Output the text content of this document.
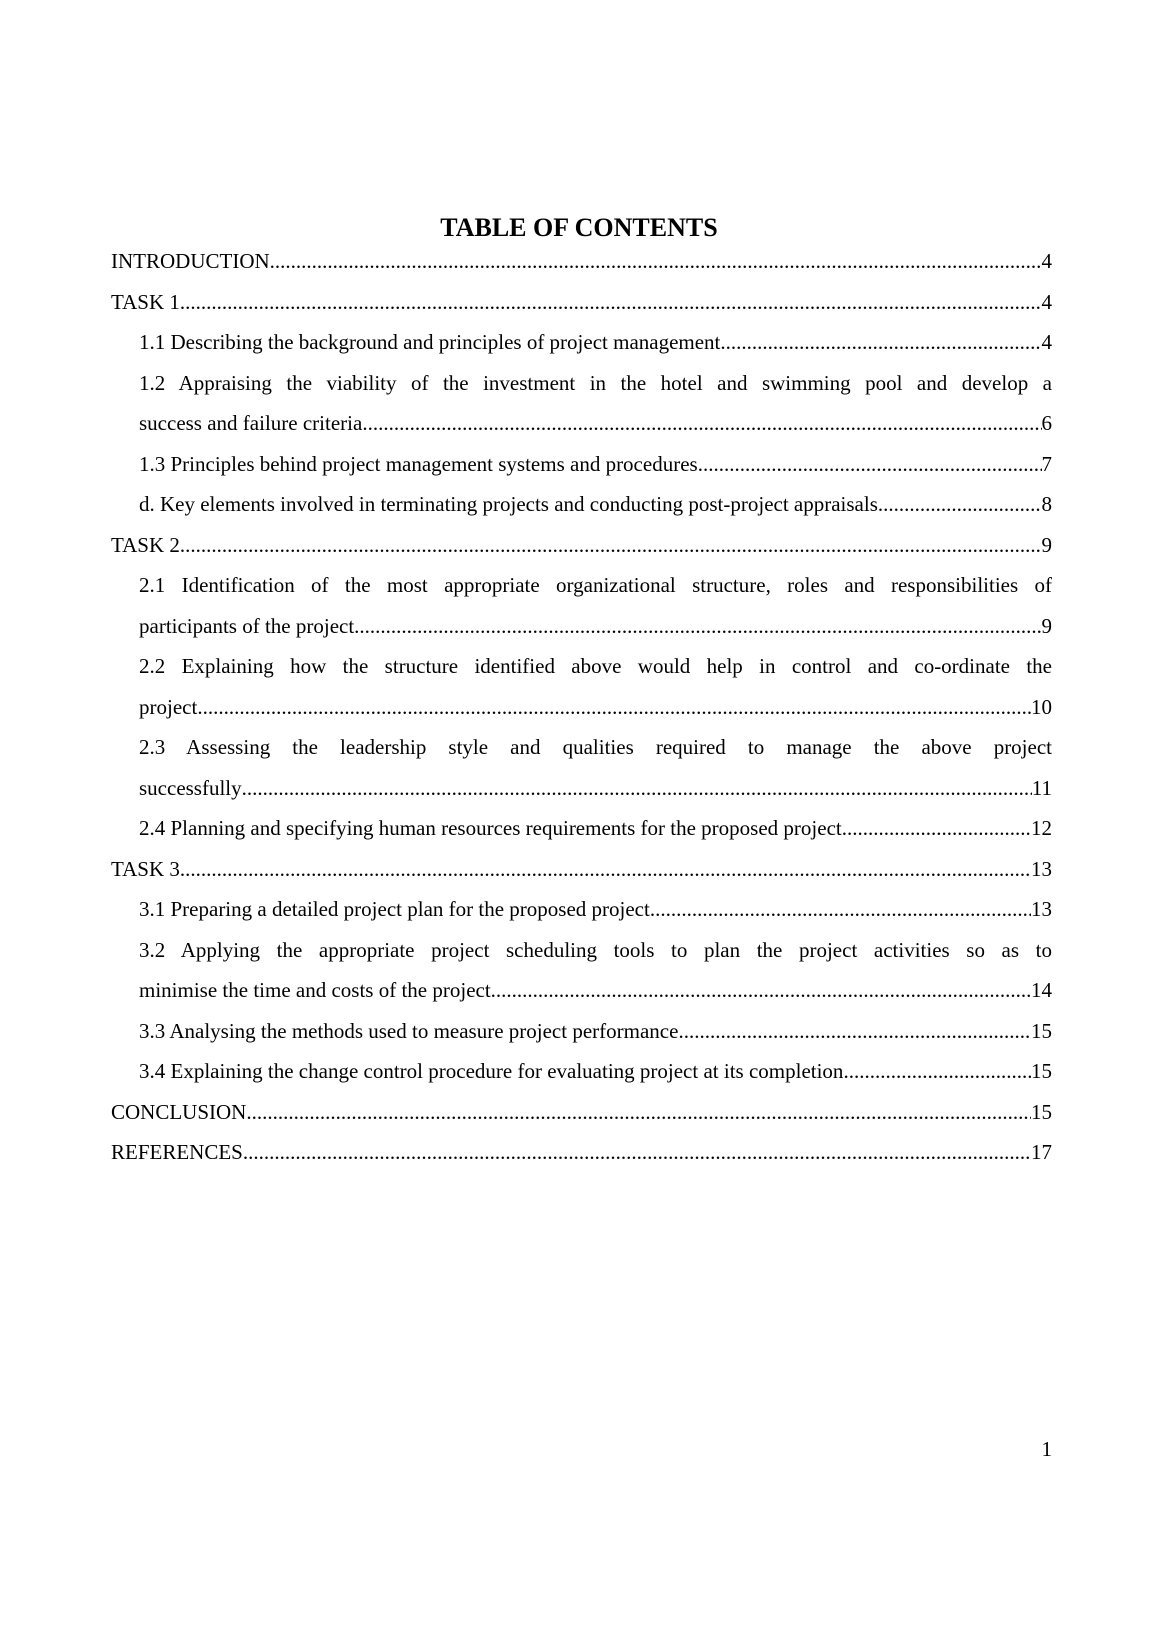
TABLE OF CONTENTS
INTRODUCTION .....	4
TASK 1 .....	4
1.1 Describing the background and principles of project management .....	4
1.2 Appraising the viability of the investment in the hotel and swimming pool and develop a
success and failure criteria .....	6
1.3 Principles behind project management systems and procedures .....	7
d. Key elements involved in terminating projects and conducting post-project appraisals .....	8
TASK 2 .....	9
2.1 Identification of the most appropriate organizational structure, roles and responsibilities of
participants of the project .....	9
2.2 Explaining how the structure identified above would help in control and co-ordinate the
project .....	10
2.3 Assessing the leadership style and qualities required to manage the above project
successfully .....	11
2.4 Planning and specifying human resources requirements for the proposed project .....	12
TASK 3 .....	13
3.1 Preparing a detailed project plan for the proposed project .....	13
3.2 Applying the appropriate project scheduling tools to plan the project activities so as to
minimise the time and costs of the project .....	14
3.3 Analysing the methods used to measure project performance .....	15
3.4 Explaining the change control procedure for evaluating project at its completion .....	15
CONCLUSION .....	15
REFERENCES .....	17
1
